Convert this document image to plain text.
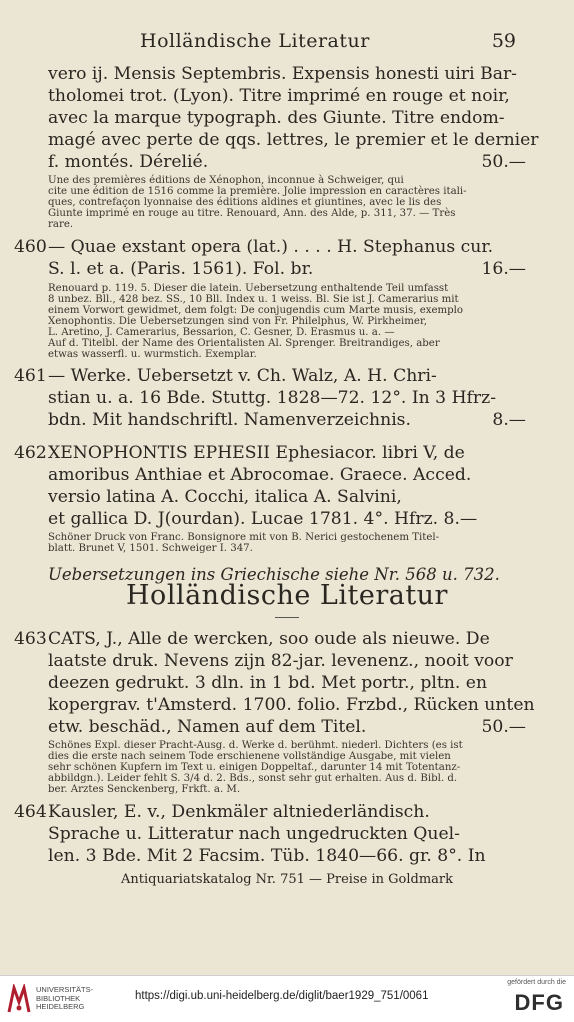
Holländische Literatur	59
vero ij. Mensis Septembris. Expensis honesti uiri Bar-
tholomei trot. (Lyon). Titre imprimé en rouge et noir,
avec la marque typograph. des Giunte. Titre endom-
magé avec perte de qqs. lettres, le premier et le dernier
f. montés. Dérelié.	50.—
Une des premières éditions de Xénophon, inconnue à Schweiger, qui
cite une édition de 1516 comme la première. Jolie impression en caractères itali-
ques, contrefaçon lyonnaise des éditions aldines et giuntines, avec le lis des
Giunte imprimé en rouge au titre. Renouard, Ann. des Alde, p. 311, 37. — Très
rare.
460 — Quae exstant opera (lat.) . . . . H. Stephanus cur.
S. l. et a. (Paris. 1561). Fol. br.	16.—
Renouard p. 119. 5. Dieser die latein. Uebersetzung enthaltende Teil umfasst
8 unbez. Bll., 428 bez. SS., 10 Bll. Index u. 1 weiss. Bl. Sie ist J. Camerarius mit
einem Vorwort gewidmet, dem folgt: De conjugendis cum Marte musis, exemplo
Xenophontis. Die Uebersetzungen sind von Fr. Philelphus, W. Pirkheimer,
L. Aretino, J. Camerarius, Bessarion, C. Gesner, D. Erasmus u. a. —
Auf d. Titelbl. der Name des Orientalisten Al. Sprenger. Breitrandiges, aber
etwas wasserfl. u. wurmstich. Exemplar.
461 — Werke. Uebersetzt v. Ch. Walz, A. H. Chri-
stian u. a. 16 Bde. Stuttg. 1828—72. 12°. In 3 Hfrz-
bdn. Mit handschriftl. Namenverzeichnis.	8.—
462 XENOPHONTIS EPHESII Ephesiacor. libri V, de
amoribus Anthiae et Abrocomae. Graece. Acced.
versio latina A. Cocchi, italica A. Salvini,
et gallica D. J(ourdan). Lucae 1781. 4°. Hfrz. 8.—
Schöner Druck von Franc. Bonsignore mit von B. Nerici gestochenem Titel-
blatt. Brunet V, 1501. Schweiger I. 347.
Uebersetzungen ins Griechische siehe Nr. 568 u. 732.
Holländische Literatur
463 CATS, J., Alle de wercken, soo oude als nieuwe. De
laatste druk. Nevens zijn 82-jar. levenenz., nooit voor
deezen gedrukt. 3 dln. in 1 bd. Met portr., pltn. en
kopergrav. t'Amsterd. 1700. folio. Frzbd., Rücken unten
etw. beschäd., Namen auf dem Titel.	50.—
Schönes Expl. dieser Pracht-Ausg. d. Werke d. berühmt. niederl. Dichters (es ist
dies die erste nach seinem Tode erschienene vollständige Ausgabe, mit vielen
sehr schönen Kupfern im Text u. einigen Doppeltaf., darunter 14 mit Totentanz-
abbildgn.). Leider fehlt S. 3/4 d. 2. Bds., sonst sehr gut erhalten. Aus d. Bibl. d.
ber. Arztes Senckenberg, Frkft. a. M.
464 Kausler, E. v., Denkmäler altniederländisch.
Sprache u. Litteratur nach ungedruckten Quel-
len. 3 Bde. Mit 2 Facsim. Tüb. 1840—66. gr. 8°. In
Antiquariatskatalog Nr. 751 — Preise in Goldmark
UNIVERSITÄTS-
BIBLIOTHEK
HEIDELBERG
https://digi.ub.uni-heidelberg.de/diglit/baer1929_751/0061
gefördert durch die
DFG
